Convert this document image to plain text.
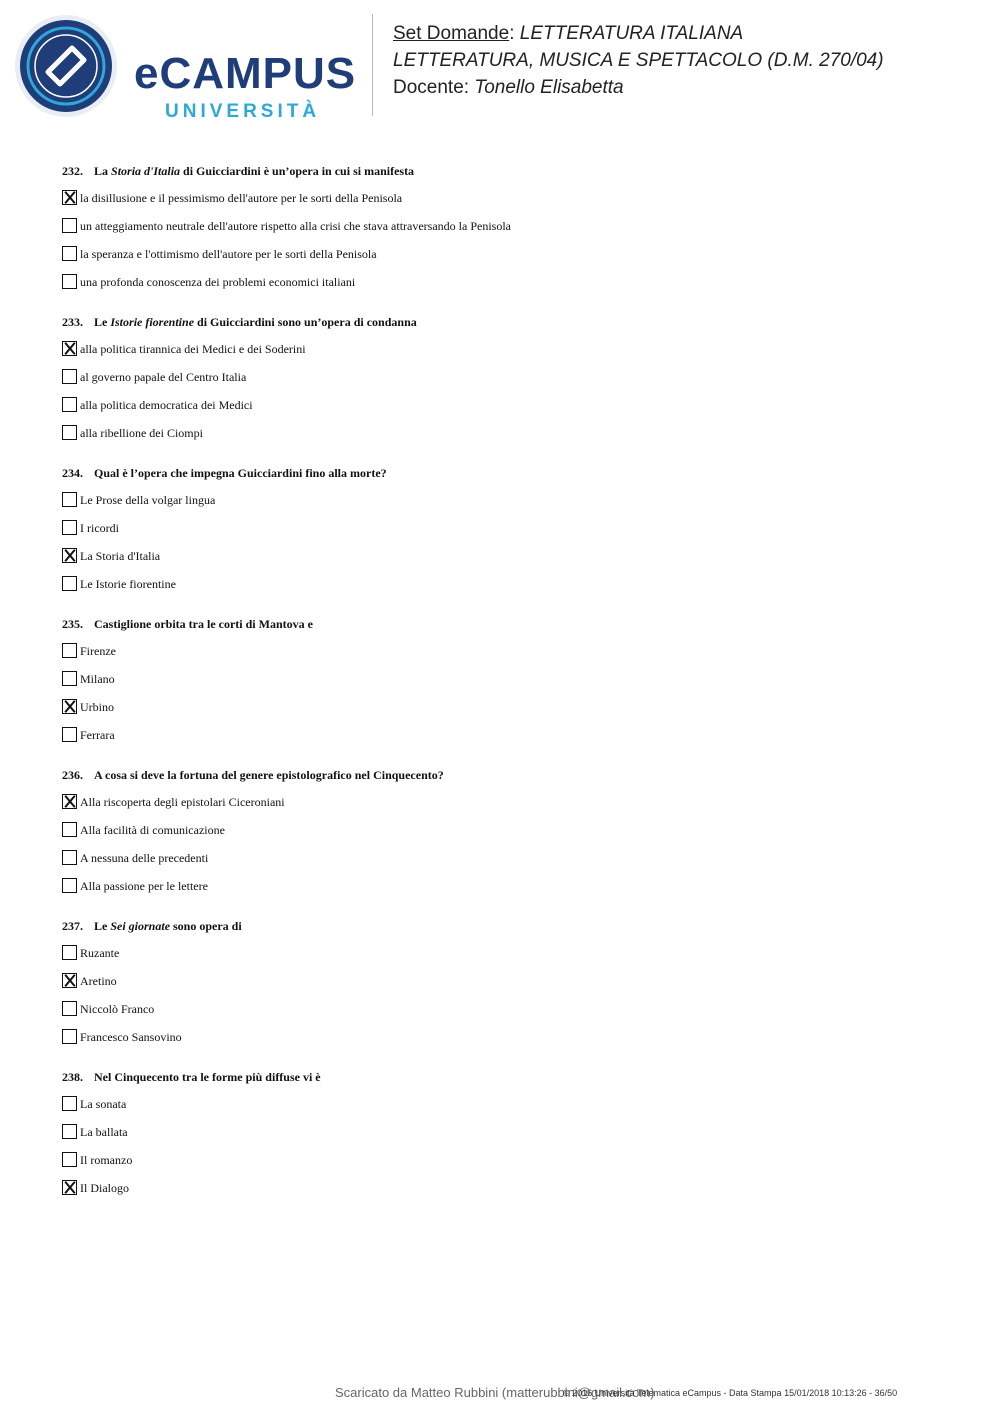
eCAMPUS
UNIVERSITÀ
Set Domande: LETTERATURA ITALIANA
LETTERATURA, MUSICA E SPETTACOLO (D.M. 270/04)
Docente: Tonello Elisabetta
232. La Storia d'Italia di Guicciardini è un’opera in cui si manifesta
la disillusione e il pessimismo dell'autore per le sorti della Penisola
un atteggiamento neutrale dell'autore rispetto alla crisi che stava attraversando la Penisola
la speranza e l'ottimismo dell'autore per le sorti della Penisola
una profonda conoscenza dei problemi economici italiani
233. Le Istorie fiorentine di Guicciardini sono un’opera di condanna
alla politica tirannica dei Medici e dei Soderini
al governo papale del Centro Italia
alla politica democratica dei Medici
alla ribellione dei Ciompi
234. Qual è l’opera che impegna Guicciardini fino alla morte?
Le Prose della volgar lingua
I ricordi
La Storia d'Italia
Le Istorie fiorentine
235. Castiglione orbita tra le corti di Mantova e
Firenze
Milano
Urbino
Ferrara
236. A cosa si deve la fortuna del genere epistolografico nel Cinquecento?
Alla riscoperta degli epistolari Ciceroniani
Alla facilità di comunicazione
A nessuna delle precedenti
Alla passione per le lettere
237. Le Sei giornate sono opera di
Ruzante
Aretino
Niccolò Franco
Francesco Sansovino
238. Nel Cinquecento tra le forme più diffuse vi è
La sonata
La ballata
Il romanzo
Il Dialogo
Scaricato da Matteo Rubbini (matterubbini@gmail.com)
© 2016 Università Telematica eCampus - Data Stampa 15/01/2018 10:13:26 - 36/50
